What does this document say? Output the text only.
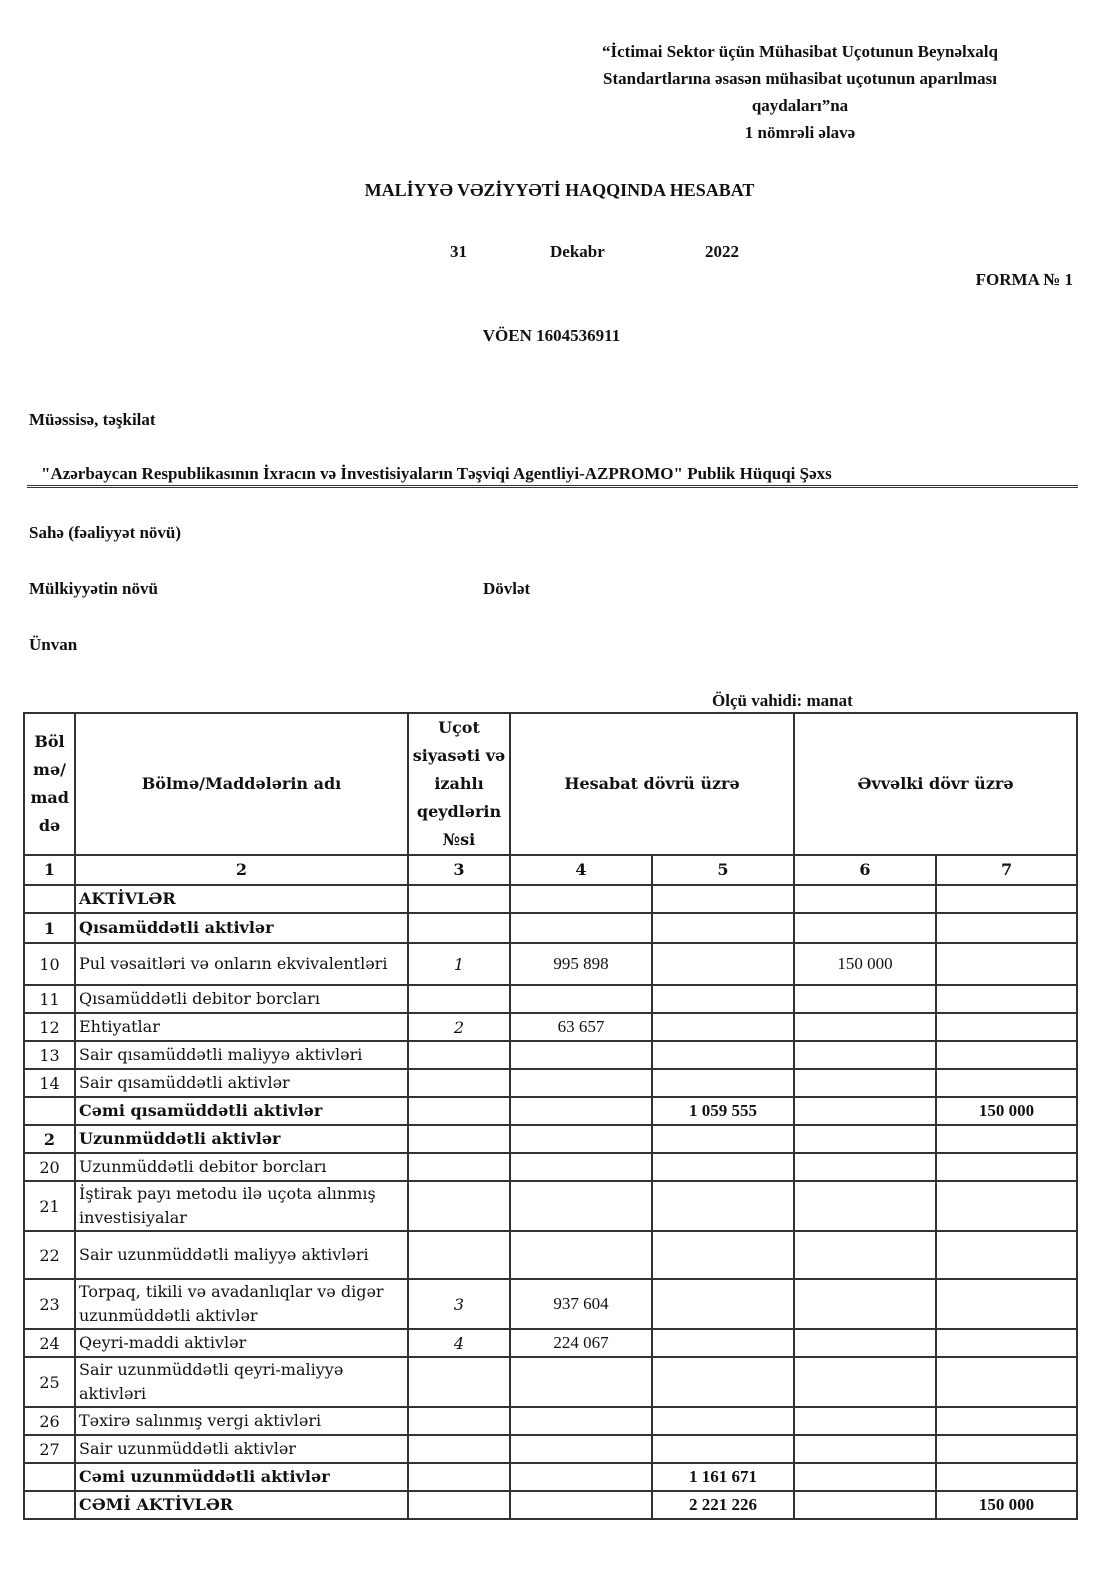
“İctimai Sektor üçün Mühasibat Uçotunun Beynəlxalq
Standartlarına əsasən mühasibat uçotunun aparılması
qaydaları”na
1 nömrəli əlavə
MALİYYƏ VƏZİYYƏTİ HAQQINDA HESABAT
31	Dekabr	2022
FORMA № 1
VÖEN 1604536911
Müəssisə, təşkilat
"Azərbaycan Respublikasının İxracın və İnvestisiyaların Təşviqi Agentliyi-AZPROMO" Publik Hüquqi Şəxs
Sahə (fəaliyyət növü)
Mülkiyyətin növü	Dövlət
Ünvan
Ölçü vahidi: manat
Böl mə/ mad də	Bölmə/Maddələrin adı	Uçot siyasəti və izahlı qeydlərin №si	Hesabat dövrü üzrə		Əvvəlki dövr üzrə	
1	2	3	4	5	6	7
	AKTİVLƏR					
1	Qısamüddətli aktivlər					
10	Pul vəsaitləri və onların ekvivalentləri	1	995 898		150 000	
11	Qısamüddətli debitor borcları					
12	Ehtiyatlar	2	63 657			
13	Sair qısamüddətli maliyyə aktivləri					
14	Sair qısamüddətli aktivlər					
	Cəmi qısamüddətli aktivlər			1 059 555		150 000
2	Uzunmüddətli aktivlər					
20	Uzunmüddətli debitor borcları					
21	İştirak payı metodu ilə uçota alınmış investisiyalar					
22	Sair uzunmüddətli maliyyə aktivləri					
23	Torpaq, tikili və avadanlıqlar və digər uzunmüddətli aktivlər	3	937 604			
24	Qeyri-maddi aktivlər	4	224 067			
25	Sair uzunmüddətli qeyri-maliyyə aktivləri					
26	Təxirə salınmış vergi aktivləri					
27	Sair uzunmüddətli aktivlər					
	Cəmi uzunmüddətli aktivlər			1 161 671		
	CƏMİ AKTİVLƏR			2 221 226		150 000
